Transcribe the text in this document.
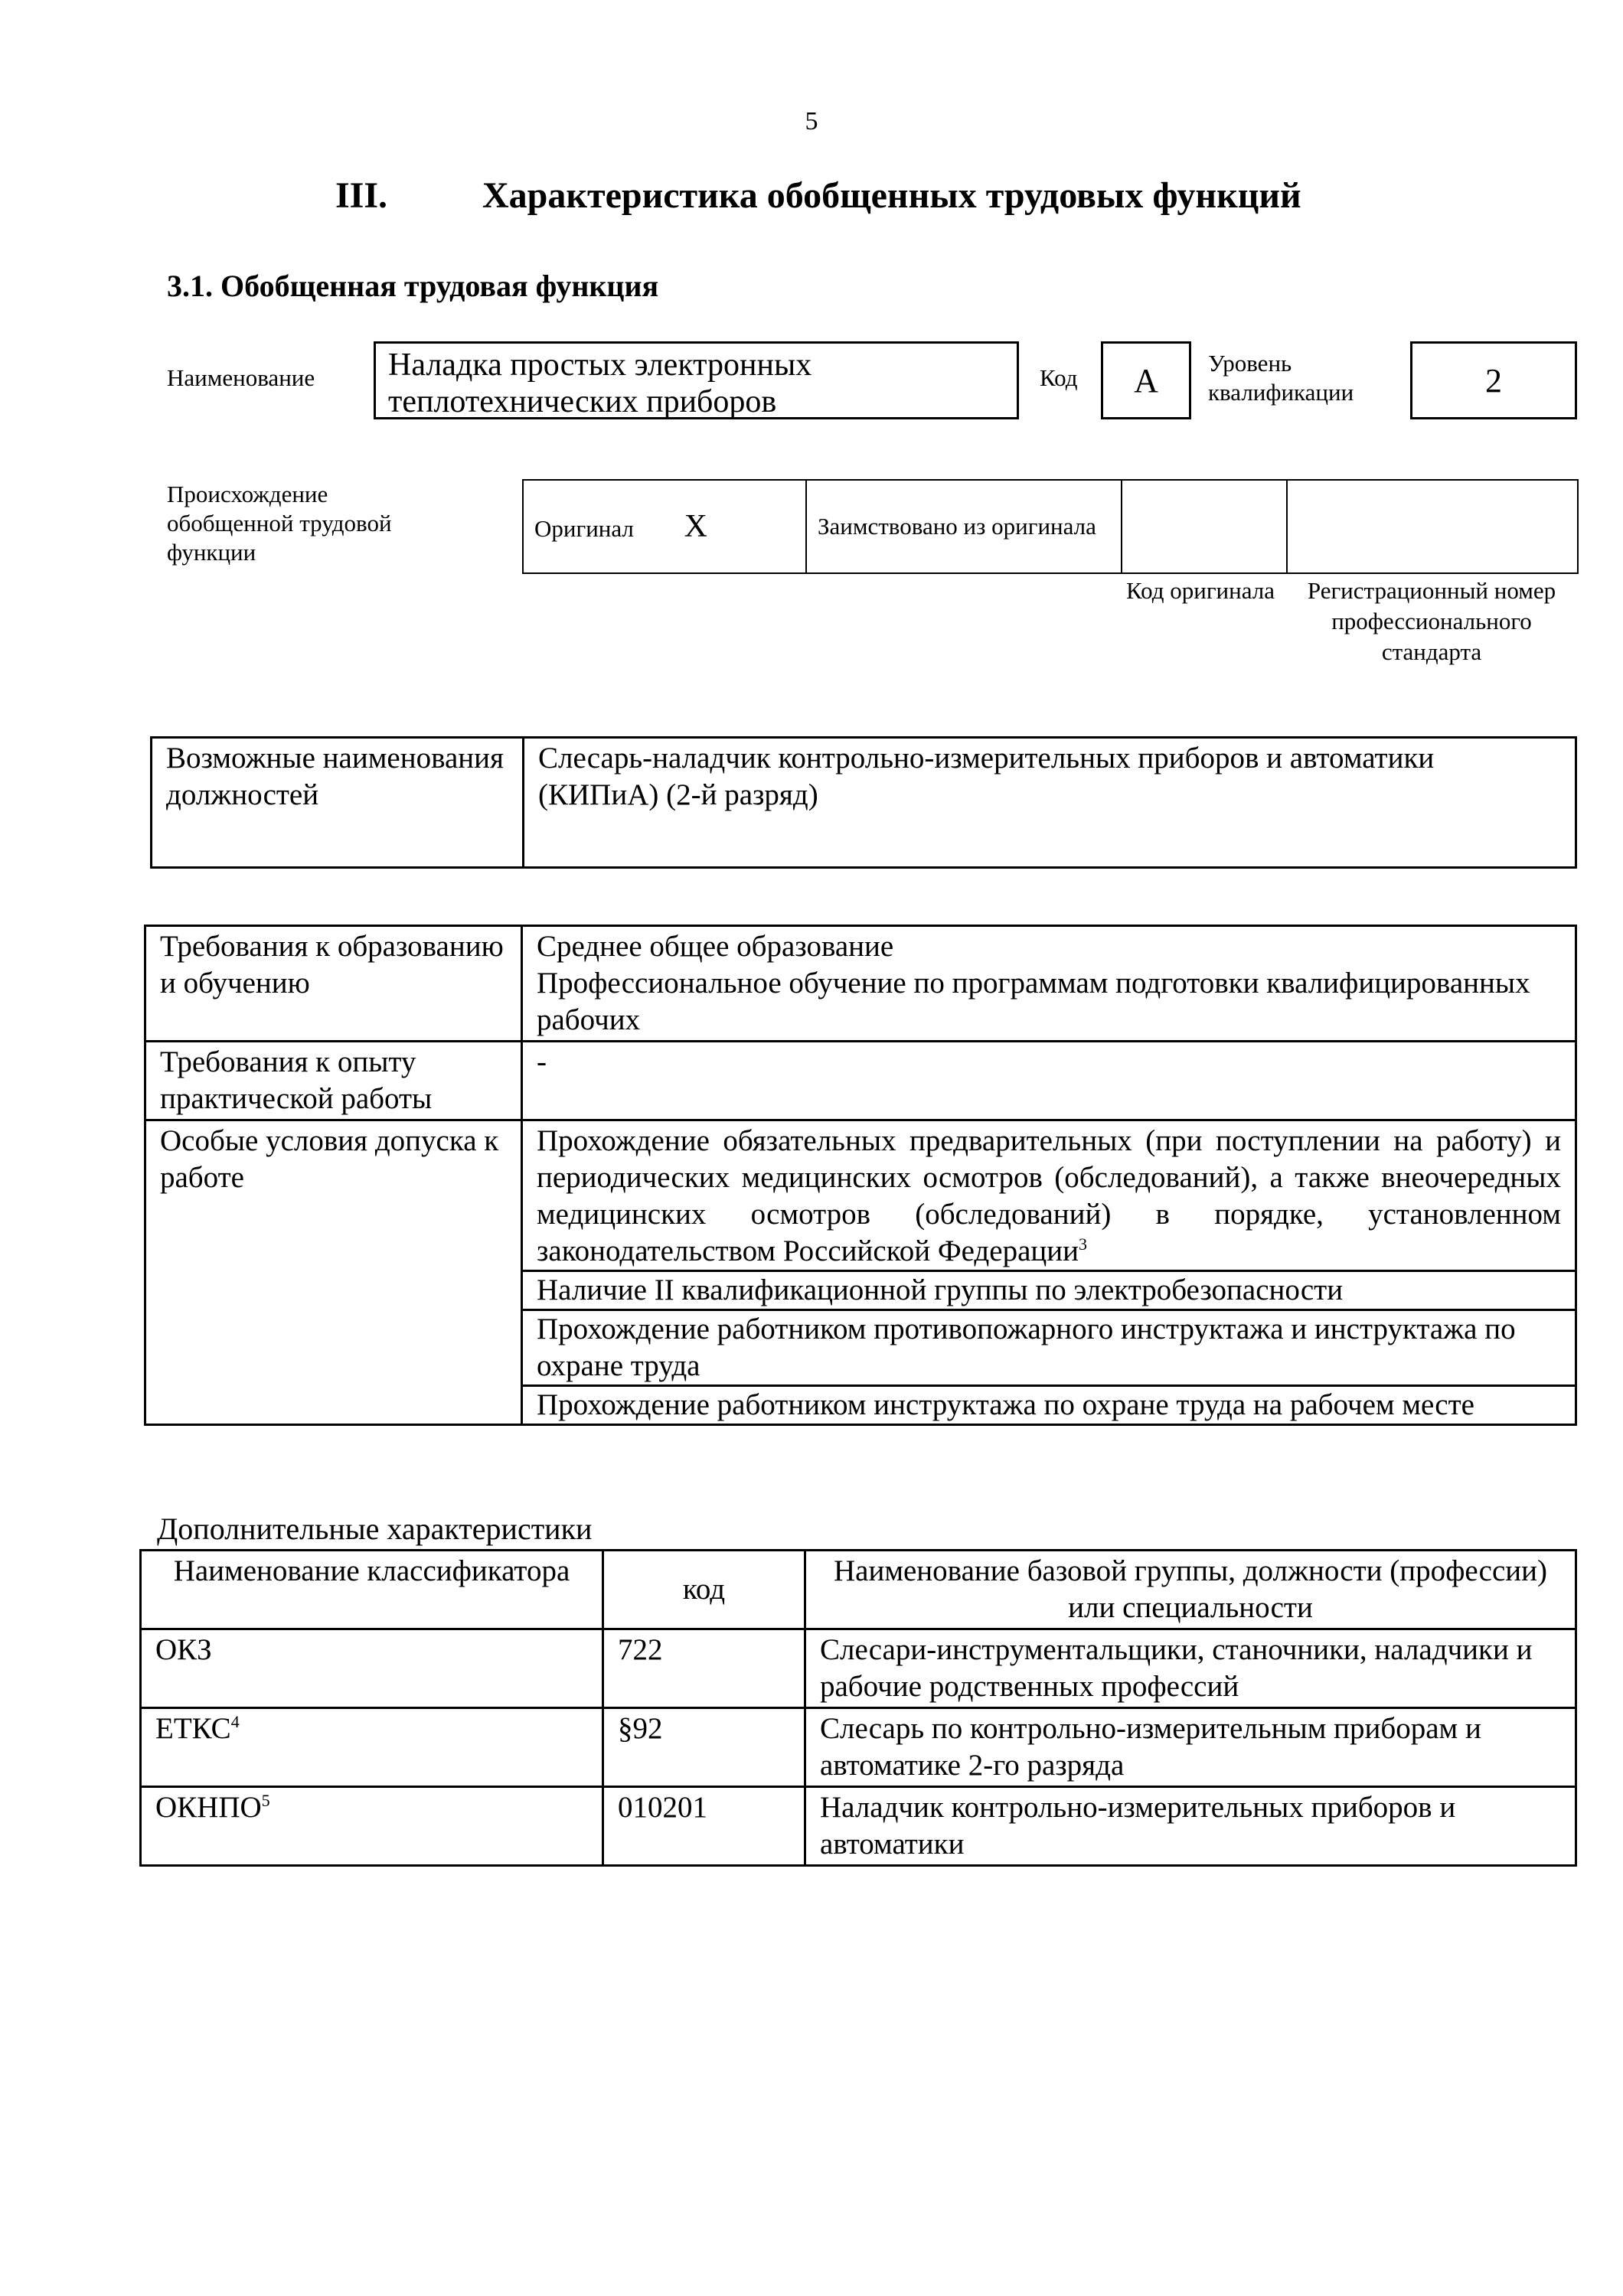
5
III.	Характеристика обобщенных трудовых функций
3.1. Обобщенная трудовая функция
Наименование	Наладка простых электронных теплотехнических приборов
Код	А	Уровень квалификации	2
Происхождение обобщенной трудовой функции
Оригинал Х	Заимствовано из оригинала		
Код оригинала	Регистрационный номер профессионального стандарта
Возможные наименования должностей	Слесарь-наладчик контрольно-измерительных приборов и автоматики (КИПиА) (2-й разряд)
Требования к образованию и обучению	Среднее общее образование
Профессиональное обучение по программам подготовки квалифицированных рабочих

Требования к опыту практической работы	-
Особые условия допуска к работе	Прохождение обязательных предварительных (при поступлении на работу) и периодических медицинских осмотров (обследований), а также внеочередных медицинских осмотров (обследований) в порядке, установленном законодательством Российской Федерации$^3$
Наличие II квалификационной группы по электробезопасности
Прохождение работником противопожарного инструктажа и инструктажа по охране труда
Прохождение работником инструктажа по охране труда на рабочем месте
Дополнительные характеристики
Наименование классификатора	код	Наименование базовой группы, должности (профессии) или специальности
ОКЗ	722	Слесари-инструментальщики, станочники, наладчики и рабочие родственных профессий
ЕТКС$^4$	§92	Слесарь по контрольно-измерительным приборам и автоматике 2-го разряда
ОКНПО$^5$	010201	Наладчик контрольно-измерительных приборов и автоматики
